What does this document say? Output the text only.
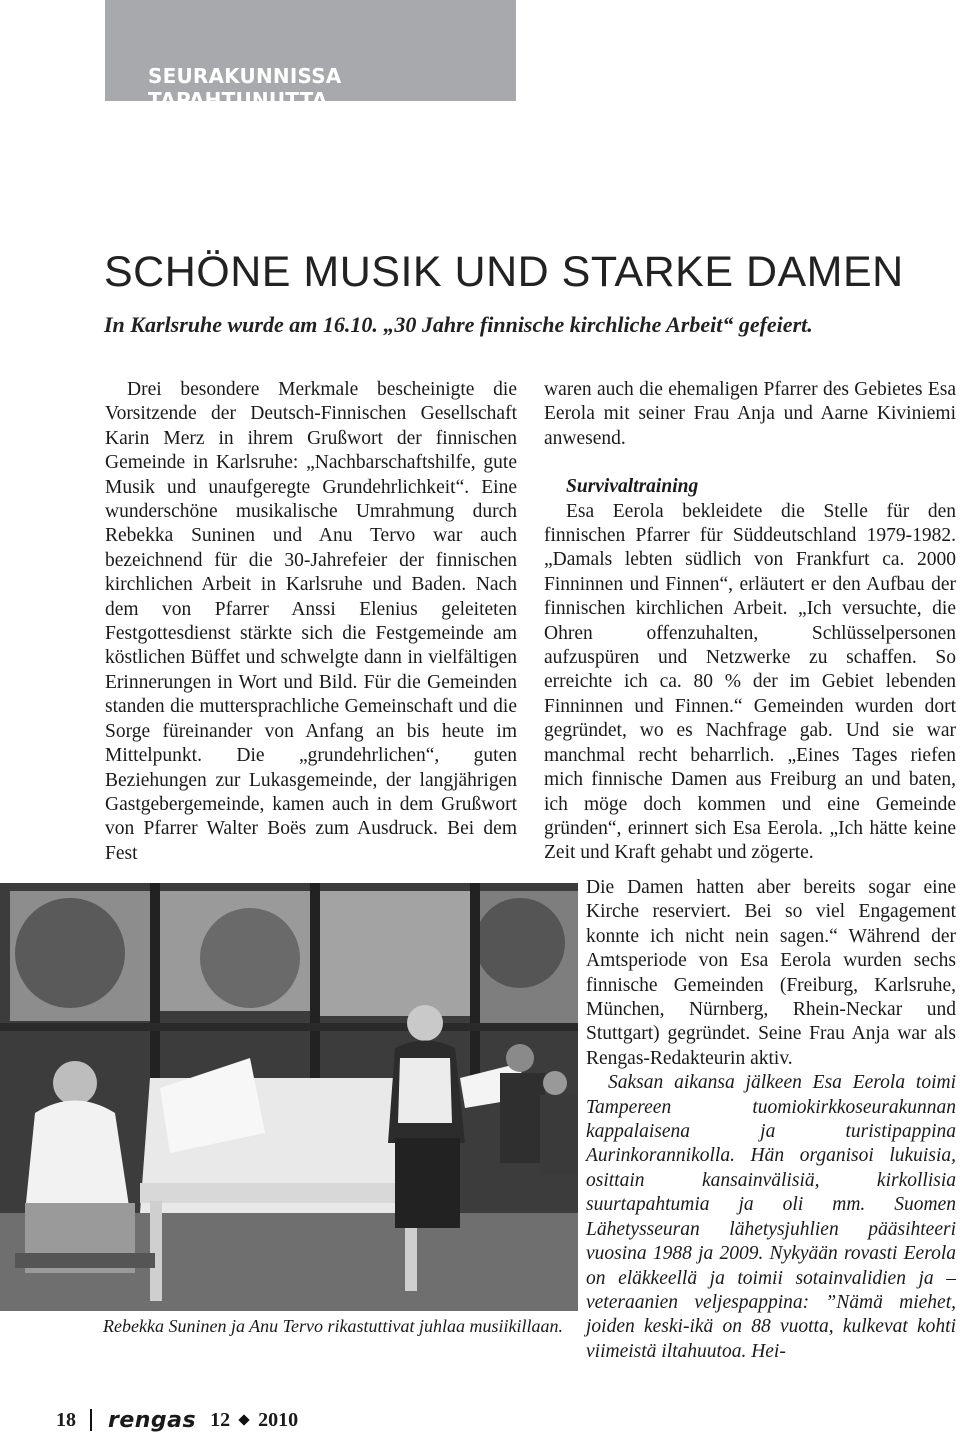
SEURAKUNNISSA TAPAHTUNUTTA
SCHÖNE MUSIK UND STARKE DAMEN

In Karlsruhe wurde am 16.10. „30 Jahre finnische kirchliche Arbeit“ gefeiert.

Drei besondere Merkmale bescheinigte die Vorsitzende der Deutsch-Finnischen Gesellschaft Karin Merz in ihrem Grußwort der finnischen Gemeinde in Karlsruhe: „Nachbarschaftshilfe, gute Musik und unaufgeregte Grundehrlichkeit“. Eine wunderschöne musikalische Umrahmung durch Rebekka Suninen und Anu Tervo war auch bezeichnend für die 30-Jahrefeier der finnischen kirchlichen Arbeit in Karlsruhe und Baden. Nach dem von Pfarrer Anssi Elenius geleiteten Festgottesdienst stärkte sich die Festgemeinde am köstlichen Büffet und schwelgte dann in vielfältigen Erinnerungen in Wort und Bild. Für die Gemeinden standen die muttersprachliche Gemeinschaft und die Sorge füreinander von Anfang an bis heute im Mittelpunkt. Die „grundehrlichen“, guten Beziehungen zur Lukasgemeinde, der langjährigen Gastgebergemeinde, kamen auch in dem Grußwort von Pfarrer Walter Boës zum Ausdruck. Bei dem Fest

waren auch die ehemaligen Pfarrer des Gebietes Esa Eerola mit seiner Frau Anja und Aarne Kiviniemi anwesend.

Survivaltraining

Esa Eerola bekleidete die Stelle für den finnischen Pfarrer für Süddeutschland 1979-1982. „Damals lebten südlich von Frankfurt ca. 2000 Finninnen und Finnen“, erläutert er den Aufbau der finnischen kirchlichen Arbeit. „Ich versuchte, die Ohren offenzuhalten, Schlüsselpersonen aufzuspüren und Netzwerke zu schaffen. So erreichte ich ca. 80 % der im Gebiet lebenden Finninnen und Finnen.“ Gemeinden wurden dort gegründet, wo es Nachfrage gab. Und sie war manchmal recht beharrlich. „Eines Tages riefen mich finnische Damen aus Freiburg an und baten, ich möge doch kommen und eine Gemeinde gründen“, erinnert sich Esa Eerola. „Ich hätte keine Zeit und Kraft gehabt und zögerte.

Die Damen hatten aber bereits sogar eine Kirche reserviert. Bei so viel Engagement konnte ich nicht nein sagen.“ Während der Amtsperiode von Esa Eerola wurden sechs finnische Gemeinden (Freiburg, Karlsruhe, München, Nürnberg, Rhein-Neckar und Stuttgart) gegründet. Seine Frau Anja war als Rengas-Redakteurin aktiv.

Saksan aikansa jälkeen Esa Eerola toimi Tampereen tuomiokirkkoseurakunnan kappalaisena ja turistipappina Aurinkorannikolla. Hän organisoi lukuisia, osittain kansainvälisiä, kirkollisia suurtapahtumia ja oli mm. Suomen Lähetysseuran lähetysjuhlien pääsihteeri vuosina 1988 ja 2009. Nykyään rovasti Eerola on eläkkeellä ja toimii sotainvalidien ja –veteraanien veljespappina: ”Nämä miehet, joiden keski-ikä on 88 vuotta, kulkevat kohti viimeistä iltahuutoa. Hei-

Rebekka Suninen ja Anu Tervo rikastuttivat juhlaa musiikillaan.

18 rengas 12 2010
